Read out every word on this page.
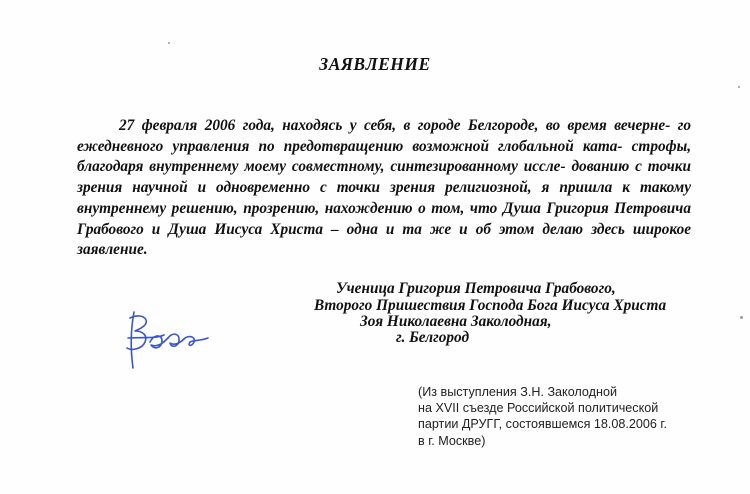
ЗАЯВЛЕНИЕ

27 февраля 2006 года, находясь у себя, в городе Белгороде, во время вечерне- го ежедневного управления по предотвращению возможной глобальной ката- строфы, благодаря внутреннему моему совместному, синтезированному иссле- дованию с точки зрения научной и одновременно с точки зрения религиозной, я пришла к такому внутреннему решению, прозрению, нахождению о том, что Душа Григория Петровича Грабового и Душа Иисуса Христа – одна и та же и об этом делаю здесь широкое заявление.

Ученица Григория Петровича Грабового,
Второго Пришествия Господа Бога Иисуса Христа
Зоя Николаевна Заколодная,
г. Белгород
(Из выступления З.Н. Заколодной
на XVII съезде Российской политической
партии ДРУГГ, состоявшемся 18.08.2006 г.
в г. Москве)
